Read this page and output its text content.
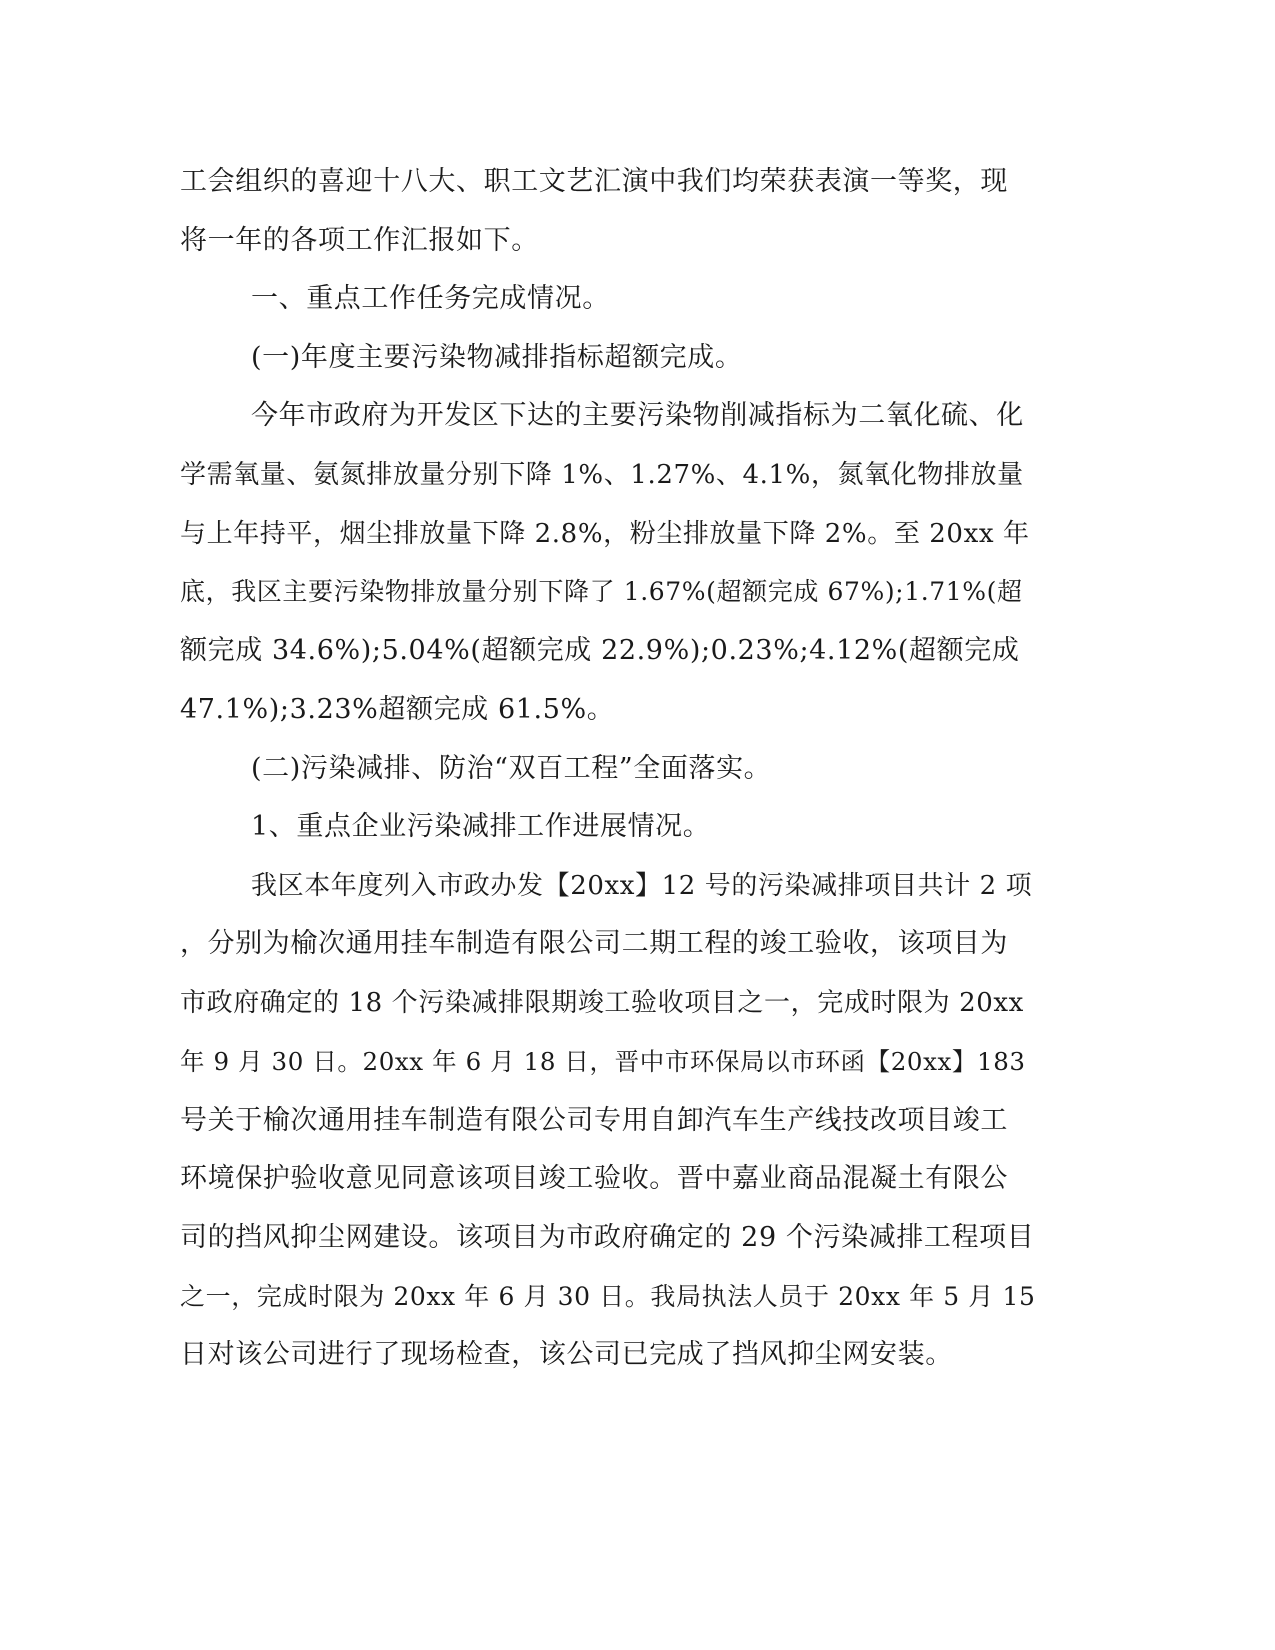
工会组织的喜迎十八大、职工文艺汇演中我们均荣获表演一等奖，现

将一年的各项工作汇报如下。

一、重点工作任务完成情况。

(一)年度主要污染物减排指标超额完成。

今年市政府为开发区下达的主要污染物削减指标为二氧化硫、化

学需氧量、氨氮排放量分别下降 1%、1.27%、4.1%，氮氧化物排放量

与上年持平，烟尘排放量下降 2.8%，粉尘排放量下降 2%。至 20xx 年

底，我区主要污染物排放量分别下降了 1.67%(超额完成 67%);1.71%(超

额完成 34.6%);5.04%(超额完成 22.9%);0.23%;4.12%(超额完成

47.1%);3.23%超额完成 61.5%。

(二)污染减排、防治“双百工程”全面落实。

1、重点企业污染减排工作进展情况。

我区本年度列入市政办发【20xx】12 号的污染减排项目共计 2 项

，分别为榆次通用挂车制造有限公司二期工程的竣工验收，该项目为

市政府确定的 18 个污染减排限期竣工验收项目之一，完成时限为 20xx

年 9 月 30 日。20xx 年 6 月 18 日，晋中市环保局以市环函【20xx】183

号关于榆次通用挂车制造有限公司专用自卸汽车生产线技改项目竣工

环境保护验收意见同意该项目竣工验收。晋中嘉业商品混凝土有限公

司的挡风抑尘网建设。该项目为市政府确定的 29 个污染减排工程项目

之一，完成时限为 20xx 年 6 月 30 日。我局执法人员于 20xx 年 5 月 15

日对该公司进行了现场检查，该公司已完成了挡风抑尘网安装。
